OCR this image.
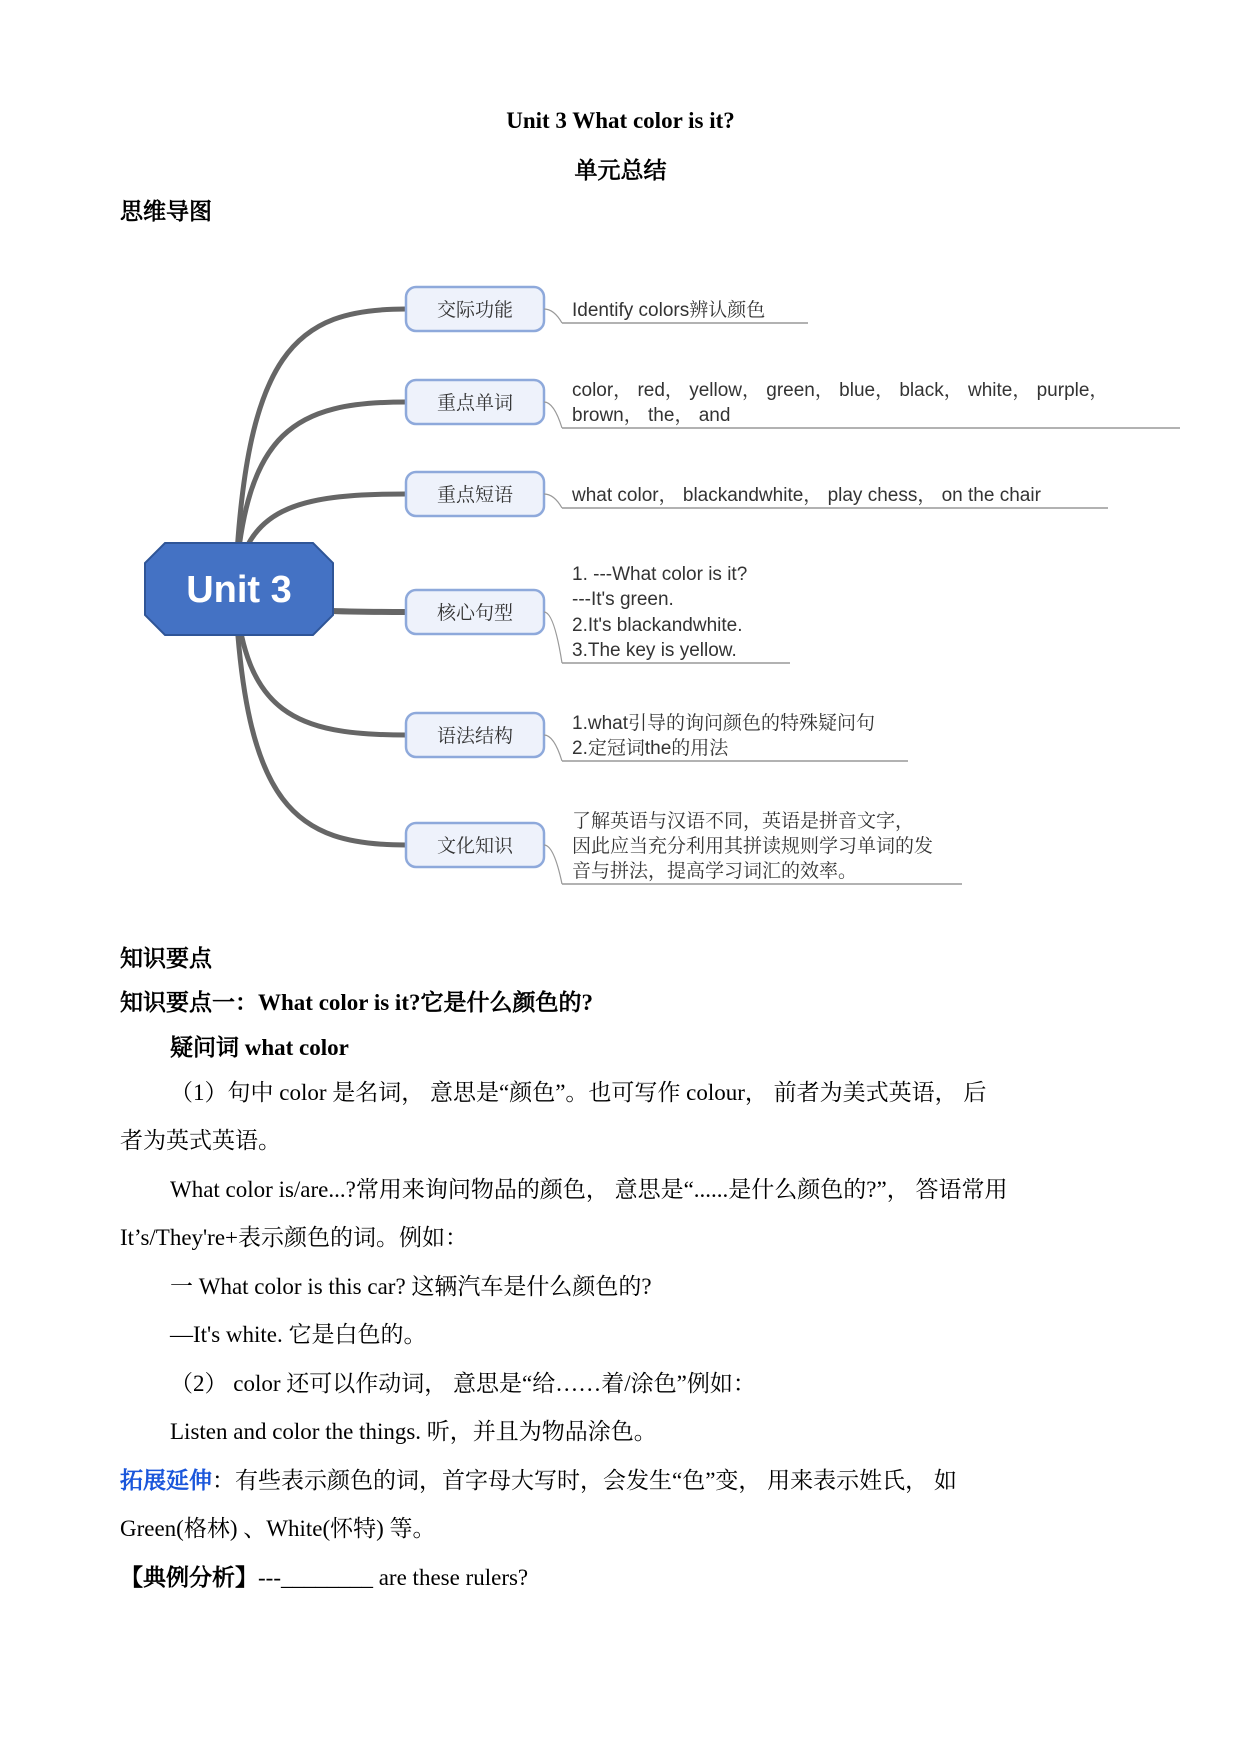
Unit 3 What color is it?
单元总结
思维导图
Unit 3
交际功能	Identify colors辨认颜色
重点单词
color， red， yellow， green， blue， black， white， purple，
brown， the， and
重点短语	what color， blackandwhite， play chess， on the chair
核心句型
1. ---What color is it?
---It's green.
2.It's blackandwhite.
3.The key is yellow.
语法结构
1.what引导的询问颜色的特殊疑问句
2.定冠词the的用法
文化知识
了解英语与汉语不同，英语是拼音文字，
因此应当充分利用其拼读规则学习单词的发
音与拼法，提高学习词汇的效率。
知识要点
知识要点一：What color is it?它是什么颜色的?
疑问词 what color
（1）句中 color 是名词， 意思是“颜色”。也可写作 colour， 前者为美式英语， 后
者为英式英语。
What color is/are...?常用来询问物品的颜色， 意思是“......是什么颜色的?”， 答语常用
It’s/They're+表示颜色的词。例如：
一 What color is this car? 这辆汽车是什么颜色的?
—It's white. 它是白色的。
（2） color 还可以作动词， 意思是“给……着/涂色”例如：
Listen and color the things. 听，并且为物品涂色。
拓展延伸：有些表示颜色的词，首字母大写时，会发生“色”变， 用来表示姓氏， 如
Green(格林) 、White(怀特) 等。
【典例分析】---________ are these rulers?
